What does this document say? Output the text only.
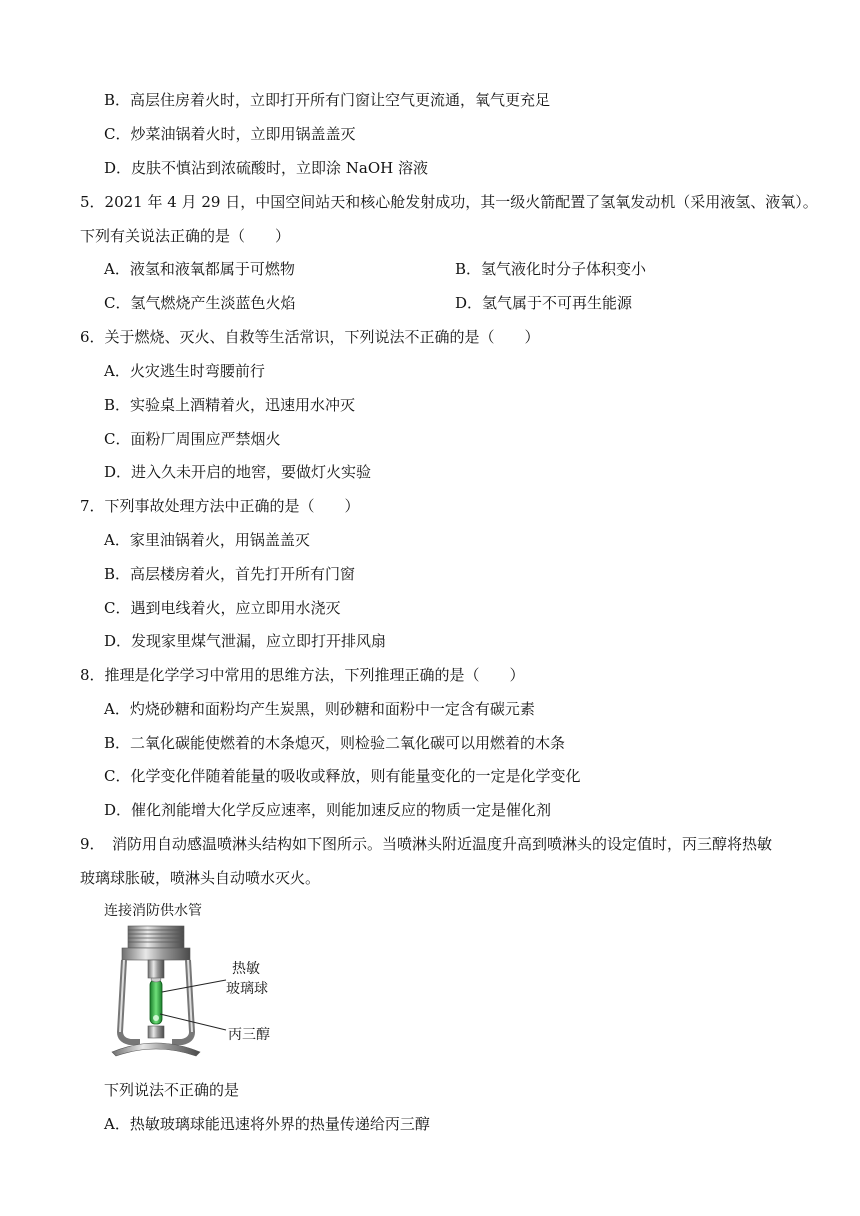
B．高层住房着火时，立即打开所有门窗让空气更流通，氧气更充足
C．炒菜油锅着火时，立即用锅盖盖灭
D．皮肤不慎沾到浓硫酸时，立即涂 NaOH 溶液
5．2021 年 4 月 29 日，中国空间站天和核心舱发射成功，其一级火箭配置了氢氧发动机（采用液氢、液氧）。
下列有关说法正确的是（　　）
A．液氢和液氧都属于可燃物	B．氢气液化时分子体积变小
C．氢气燃烧产生淡蓝色火焰	D．氢气属于不可再生能源
6．关于燃烧、灭火、自救等生活常识，下列说法不正确的是（　　）
A．火灾逃生时弯腰前行
B．实验桌上酒精着火，迅速用水冲灭
C．面粉厂周围应严禁烟火
D．进入久未开启的地窖，要做灯火实验
7．下列事故处理方法中正确的是（　　）
A．家里油锅着火，用锅盖盖灭
B．高层楼房着火，首先打开所有门窗
C．遇到电线着火，应立即用水浇灭
D．发现家里煤气泄漏，应立即打开排风扇
8．推理是化学学习中常用的思维方法，下列推理正确的是（　　）
A．灼烧砂糖和面粉均产生炭黑，则砂糖和面粉中一定含有碳元素
B．二氧化碳能使燃着的木条熄灭，则检验二氧化碳可以用燃着的木条
C．化学变化伴随着能量的吸收或释放，则有能量变化的一定是化学变化
D．催化剂能增大化学反应速率，则能加速反应的物质一定是催化剂
9．　消防用自动感温喷淋头结构如下图所示。当喷淋头附近温度升高到喷淋头的设定值时，丙三醇将热敏
玻璃球胀破，喷淋头自动喷水灭火。
连接消防供水管
热敏
玻璃球
丙三醇
下列说法不正确的是
A．热敏玻璃球能迅速将外界的热量传递给丙三醇
